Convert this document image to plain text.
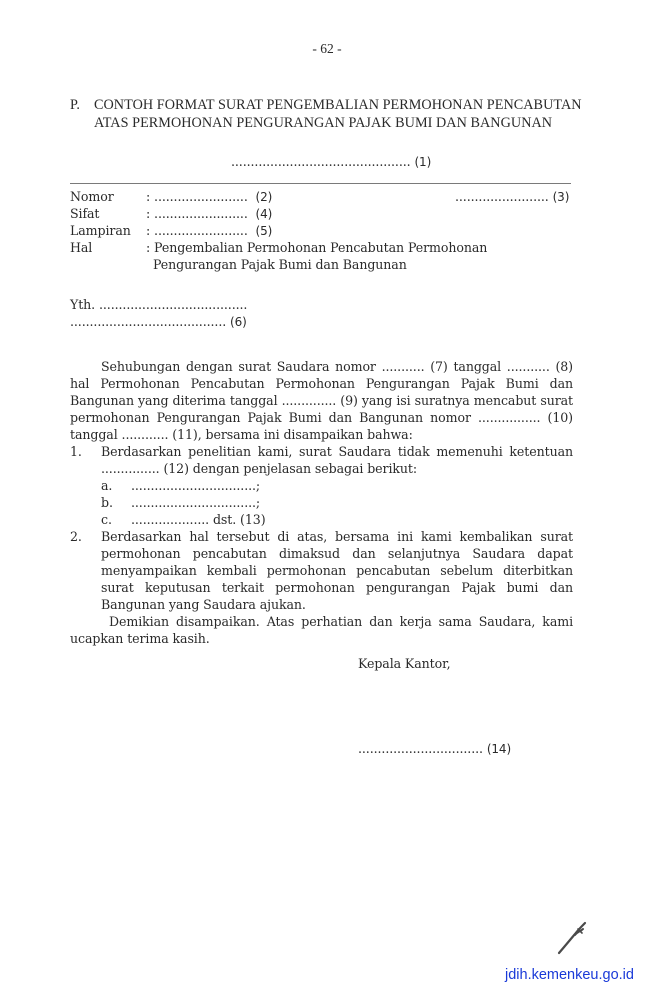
- 62 -
P. CONTOH FORMAT SURAT PENGEMBALIAN PERMOHONAN PENCABUTAN
ATAS PERMOHONAN PENGURANGAN PAJAK BUMI DAN BANGUNAN
.............................................. (1)
Nomor	: ........................ (2)	........................ (3)
Sifat	: ........................ (4)
Lampiran : ........................ (5)
Hal	: Pengembalian Permohonan Pencabutan Permohonan
Pengurangan Pajak Bumi dan Bangunan
Yth. ......................................
........................................ (6)
Sehubungan dengan surat Saudara nomor ........... (7) tanggal ........... (8)
hal Permohonan Pencabutan Permohonan Pengurangan Pajak Bumi dan
Bangunan yang diterima tanggal .............. (9) yang isi suratnya mencabut surat
permohonan Pengurangan Pajak Bumi dan Bangunan nomor ................ (10)
tanggal ............ (11), bersama ini disampaikan bahwa:
1. Berdasarkan penelitian kami, surat Saudara tidak memenuhi ketentuan
............... (12) dengan penjelasan sebagai berikut:
a. ................................;
b. ................................;
c. .................... dst. (13)
2. Berdasarkan hal tersebut di atas, bersama ini kami kembalikan surat
permohonan pencabutan dimaksud dan selanjutnya Saudara dapat
menyampaikan kembali permohonan pencabutan sebelum diterbitkan
surat keputusan terkait permohonan pengurangan Pajak bumi dan
Bangunan yang Saudara ajukan.
Demikian disampaikan. Atas perhatian dan kerja sama Saudara, kami
ucapkan terima kasih.
Kepala Kantor,
................................ (14)
jdih.kemenkeu.go.id
